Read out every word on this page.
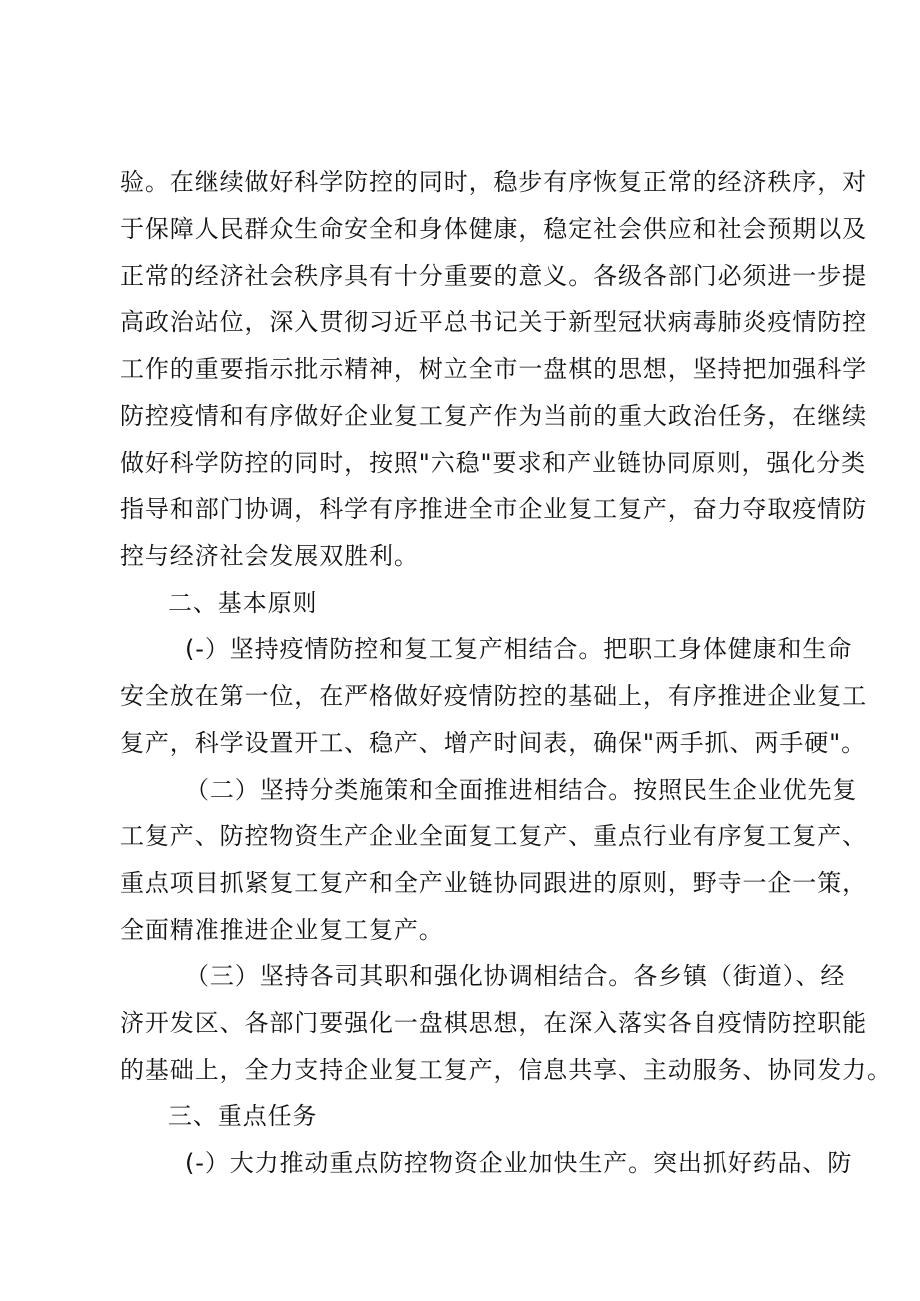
验。在继续做好科学防控的同时，稳步有序恢复正常的经济秩序，对
于保障人民群众生命安全和身体健康，稳定社会供应和社会预期以及
正常的经济社会秩序具有十分重要的意义。各级各部门必须进一步提
高政治站位，深入贯彻习近平总书记关于新型冠状病毒肺炎疫情防控
工作的重要指示批示精神，树立全市一盘棋的思想，坚持把加强科学
防控疫情和有序做好企业复工复产作为当前的重大政治任务，在继续
做好科学防控的同时，按照"六稳"要求和产业链协同原则，强化分类
指导和部门协调，科学有序推进全市企业复工复产，奋力夺取疫情防
控与经济社会发展双胜利。
二、基本原则
(-）坚持疫情防控和复工复产相结合。把职工身体健康和生命
安全放在第一位，在严格做好疫情防控的基础上，有序推进企业复工
复产，科学设置开工、稳产、增产时间表，确保"两手抓、两手硬"。
（二）坚持分类施策和全面推进相结合。按照民生企业优先复
工复产、防控物资生产企业全面复工复产、重点行业有序复工复产、
重点项目抓紧复工复产和全产业链协同跟进的原则，野寺一企一策，
全面精准推进企业复工复产。
（三）坚持各司其职和强化协调相结合。各乡镇（街道）、经
济开发区、各部门要强化一盘棋思想，在深入落实各自疫情防控职能
的基础上，全力支持企业复工复产，信息共享、主动服务、协同发力。
三、重点任务
(-）大力推动重点防控物资企业加快生产。突出抓好药品、防
